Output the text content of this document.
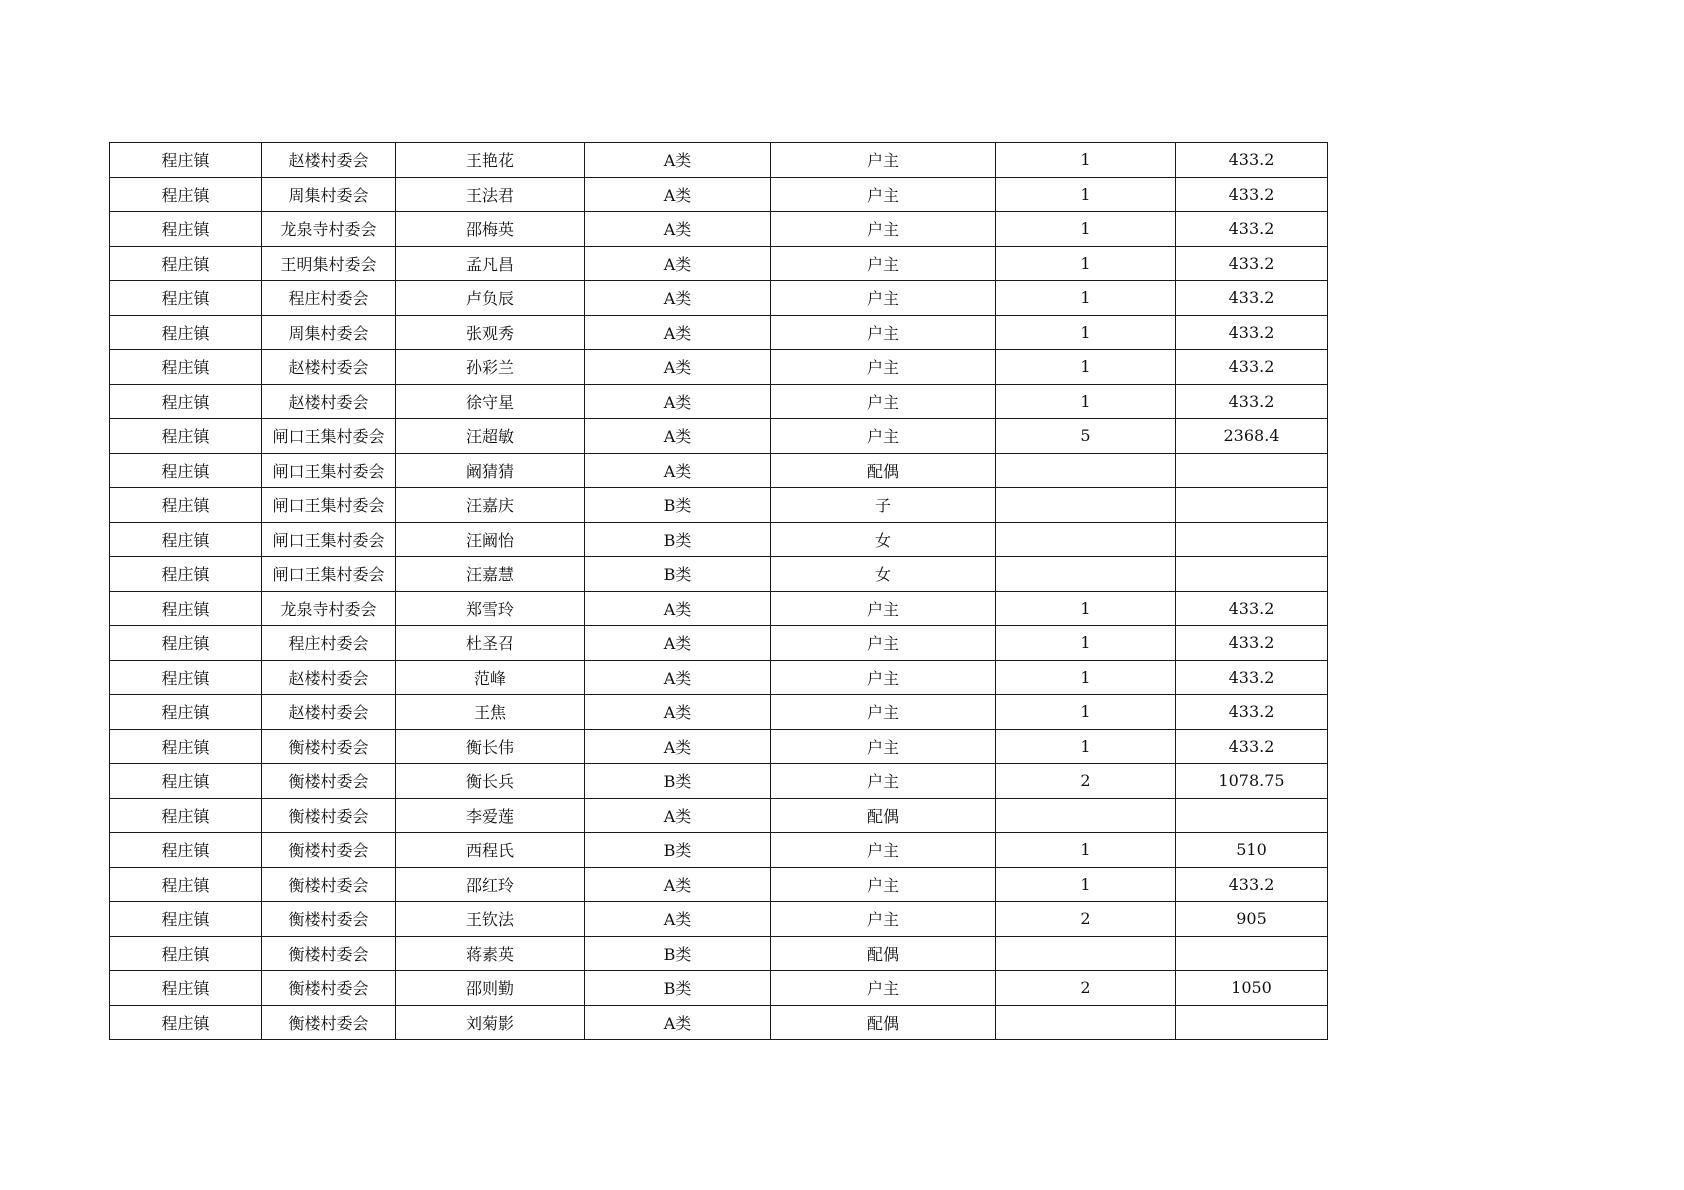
程庄镇	赵楼村委会	王艳花	A类	户主	1	433.2
程庄镇	周集村委会	王法君	A类	户主	1	433.2
程庄镇	龙泉寺村委会	邵梅英	A类	户主	1	433.2
程庄镇	王明集村委会	孟凡昌	A类	户主	1	433.2
程庄镇	程庄村委会	卢负辰	A类	户主	1	433.2
程庄镇	周集村委会	张观秀	A类	户主	1	433.2
程庄镇	赵楼村委会	孙彩兰	A类	户主	1	433.2
程庄镇	赵楼村委会	徐守星	A类	户主	1	433.2
程庄镇	闸口王集村委会	汪超敏	A类	户主	5	2368.4
程庄镇	闸口王集村委会	阚猜猜	A类	配偶		
程庄镇	闸口王集村委会	汪嘉庆	B类	子		
程庄镇	闸口王集村委会	汪阚怡	B类	女		
程庄镇	闸口王集村委会	汪嘉慧	B类	女		
程庄镇	龙泉寺村委会	郑雪玲	A类	户主	1	433.2
程庄镇	程庄村委会	杜圣召	A类	户主	1	433.2
程庄镇	赵楼村委会	范峰	A类	户主	1	433.2
程庄镇	赵楼村委会	王焦	A类	户主	1	433.2
程庄镇	衡楼村委会	衡长伟	A类	户主	1	433.2
程庄镇	衡楼村委会	衡长兵	B类	户主	2	1078.75
程庄镇	衡楼村委会	李爱莲	A类	配偶		
程庄镇	衡楼村委会	西程氏	B类	户主	1	510
程庄镇	衡楼村委会	邵红玲	A类	户主	1	433.2
程庄镇	衡楼村委会	王钦法	A类	户主	2	905
程庄镇	衡楼村委会	蒋素英	B类	配偶		
程庄镇	衡楼村委会	邵则勤	B类	户主	2	1050
程庄镇	衡楼村委会	刘菊影	A类	配偶		
